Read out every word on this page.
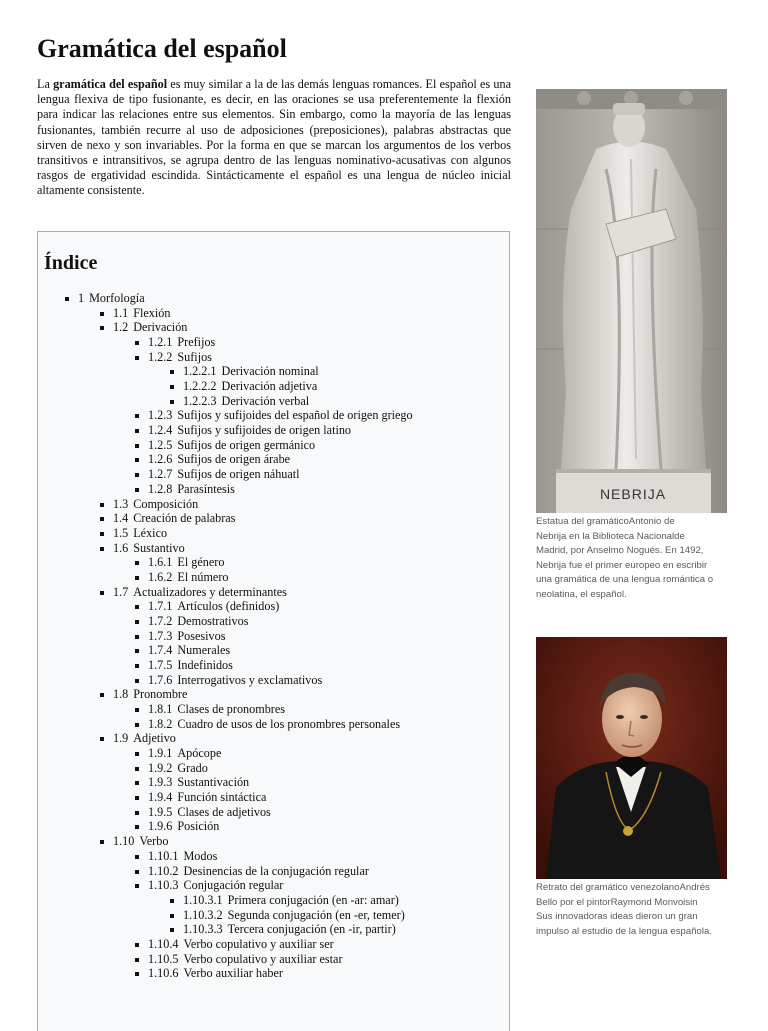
Gramática del español

La gramática del español es muy similar a la de las demás lenguas romances. El español es una lengua flexiva de tipo fusionante, es decir, en las oraciones se usa preferentemente la flexión para indicar las relaciones entre sus elementos. Sin embargo, como la mayoría de las lenguas fusionantes, también recurre al uso de adposiciones (preposiciones), palabras abstractas que sirven de nexo y son invariables. Por la forma en que se marcan los argumentos de los verbos transitivos e intransitivos, se agrupa dentro de las lenguas nominativo-acusativas con algunos rasgos de ergatividad escindida. Sintácticamente el español es una lengua de núcleo inicial altamente consistente.

Índice
1 Morfología
1.1 Flexión
1.2 Derivación
1.2.1 Prefijos
1.2.2 Sufijos
1.2.2.1 Derivación nominal
1.2.2.2 Derivación adjetiva
1.2.2.3 Derivación verbal
1.2.3 Sufijos y sufijoides del español de origen griego
1.2.4 Sufijos y sufijoides de origen latino
1.2.5 Sufijos de origen germánico
1.2.6 Sufijos de origen árabe
1.2.7 Sufijos de origen náhuatl
1.2.8 Parasíntesis
1.3 Composición
1.4 Creación de palabras
1.5 Léxico
1.6 Sustantivo
1.6.1 El género
1.6.2 El número
1.7 Actualizadores y determinantes
1.7.1 Artículos (definidos)
1.7.2 Demostrativos
1.7.3 Posesivos
1.7.4 Numerales
1.7.5 Indefinidos
1.7.6 Interrogativos y exclamativos
1.8 Pronombre
1.8.1 Clases de pronombres
1.8.2 Cuadro de usos de los pronombres personales
1.9 Adjetivo
1.9.1 Apócope
1.9.2 Grado
1.9.3 Sustantivación
1.9.4 Función sintáctica
1.9.5 Clases de adjetivos
1.9.6 Posición
1.10 Verbo
1.10.1 Modos
1.10.2 Desinencias de la conjugación regular
1.10.3 Conjugación regular
1.10.3.1 Primera conjugación (en -ar: amar)
1.10.3.2 Segunda conjugación (en -er, temer)
1.10.3.3 Tercera conjugación (en -ir, partir)
1.10.4 Verbo copulativo y auxiliar ser
1.10.5 Verbo copulativo y auxiliar estar
1.10.6 Verbo auxiliar haber
NEBRIJA
Estatua del gramáticoAntonio de
Nebrija en la Biblioteca Nacionalde
Madrid, por Anselmo Nogués. En 1492,
Nebrija fue el primer europeo en escribir
una gramática de una lengua romántica o
neolatina, el español.
Retrato del gramático venezolanoAndrés
Bello por el pintorRaymond Monvoisin
Sus innovadoras ideas dieron un gran
impulso al estudio de la lengua española.
